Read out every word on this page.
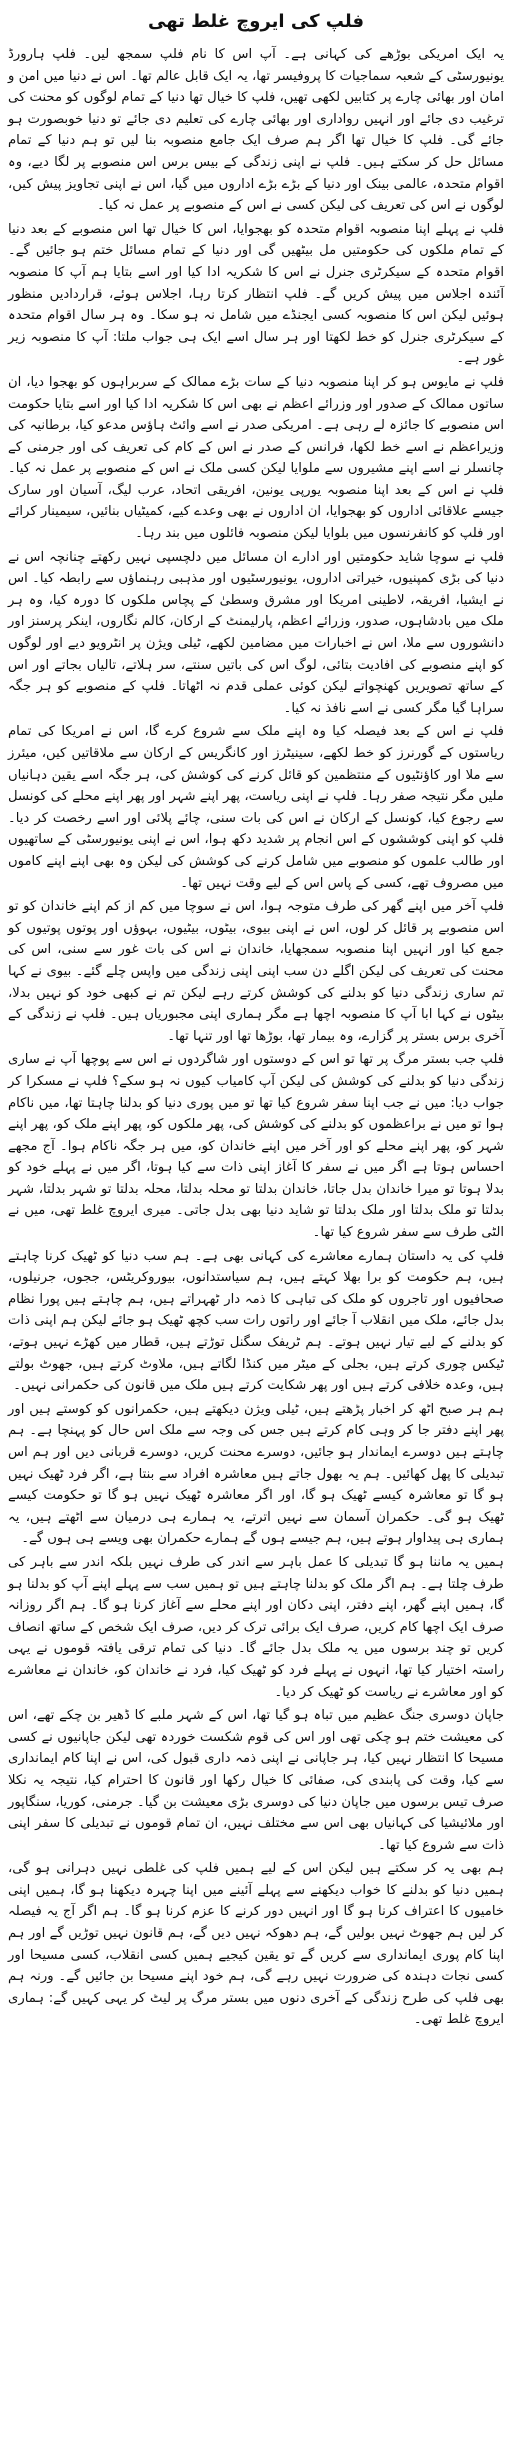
فلپ کی ایروچ غلط تھی

یہ ایک امریکی بوڑھے کی کہانی ہے۔ آپ اس کا نام فلپ سمجھ لیں۔ فلپ ہارورڈ یونیورسٹی کے شعبہ سماجیات کا پروفیسر تھا، یہ ایک قابل عالم تھا۔ اس نے دنیا میں امن و امان اور بھائی چارے پر کتابیں لکھی تھیں، فلپ کا خیال تھا دنیا کے تمام لوگوں کو محنت کی ترغیب دی جائے اور انہیں رواداری اور بھائی چارے کی تعلیم دی جائے تو دنیا خوبصورت ہو جائے گی۔ فلپ کا خیال تھا اگر ہم صرف ایک جامع منصوبہ بنا لیں تو ہم دنیا کے تمام مسائل حل کر سکتے ہیں۔ فلپ نے اپنی زندگی کے بیس برس اس منصوبے پر لگا دیے، وہ اقوام متحدہ، عالمی بینک اور دنیا کے بڑے بڑے اداروں میں گیا، اس نے اپنی تجاویز پیش کیں، لوگوں نے اس کی تعریف کی لیکن کسی نے اس کے منصوبے پر عمل نہ کیا۔

فلپ نے پہلے اپنا منصوبہ اقوام متحدہ کو بھجوایا، اس کا خیال تھا اس منصوبے کے بعد دنیا کے تمام ملکوں کی حکومتیں مل بیٹھیں گی اور دنیا کے تمام مسائل ختم ہو جائیں گے۔ اقوام متحدہ کے سیکرٹری جنرل نے اس کا شکریہ ادا کیا اور اسے بتایا ہم آپ کا منصوبہ آئندہ اجلاس میں پیش کریں گے۔ فلپ انتظار کرتا رہا، اجلاس ہوئے، قراردادیں منظور ہوئیں لیکن اس کا منصوبہ کسی ایجنڈے میں شامل نہ ہو سکا۔ وہ ہر سال اقوام متحدہ کے سیکرٹری جنرل کو خط لکھتا اور ہر سال اسے ایک ہی جواب ملتا: آپ کا منصوبہ زیر غور ہے۔

فلپ نے مایوس ہو کر اپنا منصوبہ دنیا کے سات بڑے ممالک کے سربراہوں کو بھجوا دیا، ان ساتوں ممالک کے صدور اور وزرائے اعظم نے بھی اس کا شکریہ ادا کیا اور اسے بتایا حکومت اس منصوبے کا جائزہ لے رہی ہے۔ امریکی صدر نے اسے وائٹ ہاؤس مدعو کیا، برطانیہ کی وزیراعظم نے اسے خط لکھا، فرانس کے صدر نے اس کے کام کی تعریف کی اور جرمنی کے چانسلر نے اسے اپنے مشیروں سے ملوایا لیکن کسی ملک نے اس کے منصوبے پر عمل نہ کیا۔ فلپ نے اس کے بعد اپنا منصوبہ یورپی یونین، افریقی اتحاد، عرب لیگ، آسیان اور سارک جیسے علاقائی اداروں کو بھجوایا، ان اداروں نے بھی وعدے کیے، کمیٹیاں بنائیں، سیمینار کرائے اور فلپ کو کانفرنسوں میں بلوایا لیکن منصوبہ فائلوں میں بند رہا۔

فلپ نے سوچا شاید حکومتیں اور ادارے ان مسائل میں دلچسپی نہیں رکھتے چنانچہ اس نے دنیا کی بڑی کمپنیوں، خیراتی اداروں، یونیورسٹیوں اور مذہبی رہنماؤں سے رابطہ کیا۔ اس نے ایشیا، افریقہ، لاطینی امریکا اور مشرق وسطیٰ کے پچاس ملکوں کا دورہ کیا، وہ ہر ملک میں بادشاہوں، صدور، وزرائے اعظم، پارلیمنٹ کے ارکان، کالم نگاروں، اینکر پرسنز اور دانشوروں سے ملا، اس نے اخبارات میں مضامین لکھے، ٹیلی ویژن پر انٹرویو دیے اور لوگوں کو اپنے منصوبے کی افادیت بتائی، لوگ اس کی باتیں سنتے، سر ہلاتے، تالیاں بجاتے اور اس کے ساتھ تصویریں کھنچواتے لیکن کوئی عملی قدم نہ اٹھاتا۔ فلپ کے منصوبے کو ہر جگہ سراہا گیا مگر کسی نے اسے نافذ نہ کیا۔

فلپ نے اس کے بعد فیصلہ کیا وہ اپنے ملک سے شروع کرے گا، اس نے امریکا کی تمام ریاستوں کے گورنرز کو خط لکھے، سینیٹرز اور کانگریس کے ارکان سے ملاقاتیں کیں، میئرز سے ملا اور کاؤنٹیوں کے منتظمین کو قائل کرنے کی کوشش کی، ہر جگہ اسے یقین دہانیاں ملیں مگر نتیجہ صفر رہا۔ فلپ نے اپنی ریاست، پھر اپنے شہر اور پھر اپنے محلے کی کونسل سے رجوع کیا، کونسل کے ارکان نے اس کی بات سنی، چائے پلائی اور اسے رخصت کر دیا۔ فلپ کو اپنی کوششوں کے اس انجام پر شدید دکھ ہوا، اس نے اپنی یونیورسٹی کے ساتھیوں اور طالب علموں کو منصوبے میں شامل کرنے کی کوشش کی لیکن وہ بھی اپنے اپنے کاموں میں مصروف تھے، کسی کے پاس اس کے لیے وقت نہیں تھا۔

فلپ آخر میں اپنے گھر کی طرف متوجہ ہوا، اس نے سوچا میں کم از کم اپنے خاندان کو تو اس منصوبے پر قائل کر لوں، اس نے اپنی بیوی، بیٹوں، بیٹیوں، بہوؤں اور پوتوں پوتیوں کو جمع کیا اور انہیں اپنا منصوبہ سمجھایا، خاندان نے اس کی بات غور سے سنی، اس کی محنت کی تعریف کی لیکن اگلے دن سب اپنی اپنی زندگی میں واپس چلے گئے۔ بیوی نے کہا تم ساری زندگی دنیا کو بدلنے کی کوشش کرتے رہے لیکن تم نے کبھی خود کو نہیں بدلا، بیٹوں نے کہا ابا آپ کا منصوبہ اچھا ہے مگر ہماری اپنی مجبوریاں ہیں۔ فلپ نے زندگی کے آخری برس بستر پر گزارے، وہ بیمار تھا، بوڑھا تھا اور تنہا تھا۔

فلپ جب بستر مرگ پر تھا تو اس کے دوستوں اور شاگردوں نے اس سے پوچھا آپ نے ساری زندگی دنیا کو بدلنے کی کوشش کی لیکن آپ کامیاب کیوں نہ ہو سکے؟ فلپ نے مسکرا کر جواب دیا: میں نے جب اپنا سفر شروع کیا تھا تو میں پوری دنیا کو بدلنا چاہتا تھا، میں ناکام ہوا تو میں نے براعظموں کو بدلنے کی کوشش کی، پھر ملکوں کو، پھر اپنے ملک کو، پھر اپنے شہر کو، پھر اپنے محلے کو اور آخر میں اپنے خاندان کو، میں ہر جگہ ناکام ہوا۔ آج مجھے احساس ہوتا ہے اگر میں نے سفر کا آغاز اپنی ذات سے کیا ہوتا، اگر میں نے پہلے خود کو بدلا ہوتا تو میرا خاندان بدل جاتا، خاندان بدلتا تو محلہ بدلتا، محلہ بدلتا تو شہر بدلتا، شہر بدلتا تو ملک بدلتا اور ملک بدلتا تو شاید دنیا بھی بدل جاتی۔ میری ایروچ غلط تھی، میں نے الٹی طرف سے سفر شروع کیا تھا۔

فلپ کی یہ داستان ہمارے معاشرے کی کہانی بھی ہے۔ ہم سب دنیا کو ٹھیک کرنا چاہتے ہیں، ہم حکومت کو برا بھلا کہتے ہیں، ہم سیاستدانوں، بیوروکریٹس، ججوں، جرنیلوں، صحافیوں اور تاجروں کو ملک کی تباہی کا ذمہ دار ٹھہراتے ہیں، ہم چاہتے ہیں پورا نظام بدل جائے، ملک میں انقلاب آ جائے اور راتوں رات سب کچھ ٹھیک ہو جائے لیکن ہم اپنی ذات کو بدلنے کے لیے تیار نہیں ہوتے۔ ہم ٹریفک سگنل توڑتے ہیں، قطار میں کھڑے نہیں ہوتے، ٹیکس چوری کرتے ہیں، بجلی کے میٹر میں کنڈا لگاتے ہیں، ملاوٹ کرتے ہیں، جھوٹ بولتے ہیں، وعدہ خلافی کرتے ہیں اور پھر شکایت کرتے ہیں ملک میں قانون کی حکمرانی نہیں۔

ہم ہر صبح اٹھ کر اخبار پڑھتے ہیں، ٹیلی ویژن دیکھتے ہیں، حکمرانوں کو کوستے ہیں اور پھر اپنے دفتر جا کر وہی کام کرتے ہیں جس کی وجہ سے ملک اس حال کو پہنچا ہے۔ ہم چاہتے ہیں دوسرے ایماندار ہو جائیں، دوسرے محنت کریں، دوسرے قربانی دیں اور ہم اس تبدیلی کا پھل کھائیں۔ ہم یہ بھول جاتے ہیں معاشرہ افراد سے بنتا ہے، اگر فرد ٹھیک نہیں ہو گا تو معاشرہ کیسے ٹھیک ہو گا، اور اگر معاشرہ ٹھیک نہیں ہو گا تو حکومت کیسے ٹھیک ہو گی۔ حکمران آسمان سے نہیں اترتے، یہ ہمارے ہی درمیان سے اٹھتے ہیں، یہ ہماری ہی پیداوار ہوتے ہیں، ہم جیسے ہوں گے ہمارے حکمران بھی ویسے ہی ہوں گے۔

ہمیں یہ ماننا ہو گا تبدیلی کا عمل باہر سے اندر کی طرف نہیں بلکہ اندر سے باہر کی طرف چلتا ہے۔ ہم اگر ملک کو بدلنا چاہتے ہیں تو ہمیں سب سے پہلے اپنے آپ کو بدلنا ہو گا، ہمیں اپنے گھر، اپنے دفتر، اپنی دکان اور اپنے محلے سے آغاز کرنا ہو گا۔ ہم اگر روزانہ صرف ایک اچھا کام کریں، صرف ایک برائی ترک کر دیں، صرف ایک شخص کے ساتھ انصاف کریں تو چند برسوں میں یہ ملک بدل جائے گا۔ دنیا کی تمام ترقی یافتہ قوموں نے یہی راستہ اختیار کیا تھا، انہوں نے پہلے فرد کو ٹھیک کیا، فرد نے خاندان کو، خاندان نے معاشرے کو اور معاشرے نے ریاست کو ٹھیک کر دیا۔

جاپان دوسری جنگ عظیم میں تباہ ہو گیا تھا، اس کے شہر ملبے کا ڈھیر بن چکے تھے، اس کی معیشت ختم ہو چکی تھی اور اس کی قوم شکست خوردہ تھی لیکن جاپانیوں نے کسی مسیحا کا انتظار نہیں کیا، ہر جاپانی نے اپنی ذمہ داری قبول کی، اس نے اپنا کام ایمانداری سے کیا، وقت کی پابندی کی، صفائی کا خیال رکھا اور قانون کا احترام کیا، نتیجہ یہ نکلا صرف تیس برسوں میں جاپان دنیا کی دوسری بڑی معیشت بن گیا۔ جرمنی، کوریا، سنگاپور اور ملائیشیا کی کہانیاں بھی اس سے مختلف نہیں، ان تمام قوموں نے تبدیلی کا سفر اپنی ذات سے شروع کیا تھا۔

ہم بھی یہ کر سکتے ہیں لیکن اس کے لیے ہمیں فلپ کی غلطی نہیں دہرانی ہو گی، ہمیں دنیا کو بدلنے کا خواب دیکھنے سے پہلے آئینے میں اپنا چہرہ دیکھنا ہو گا، ہمیں اپنی خامیوں کا اعتراف کرنا ہو گا اور انہیں دور کرنے کا عزم کرنا ہو گا۔ ہم اگر آج یہ فیصلہ کر لیں ہم جھوٹ نہیں بولیں گے، ہم دھوکہ نہیں دیں گے، ہم قانون نہیں توڑیں گے اور ہم اپنا کام پوری ایمانداری سے کریں گے تو یقین کیجیے ہمیں کسی انقلاب، کسی مسیحا اور کسی نجات دہندہ کی ضرورت نہیں رہے گی، ہم خود اپنے مسیحا بن جائیں گے۔ ورنہ ہم بھی فلپ کی طرح زندگی کے آخری دنوں میں بستر مرگ پر لیٹ کر یہی کہیں گے: ہماری ایروچ غلط تھی۔
